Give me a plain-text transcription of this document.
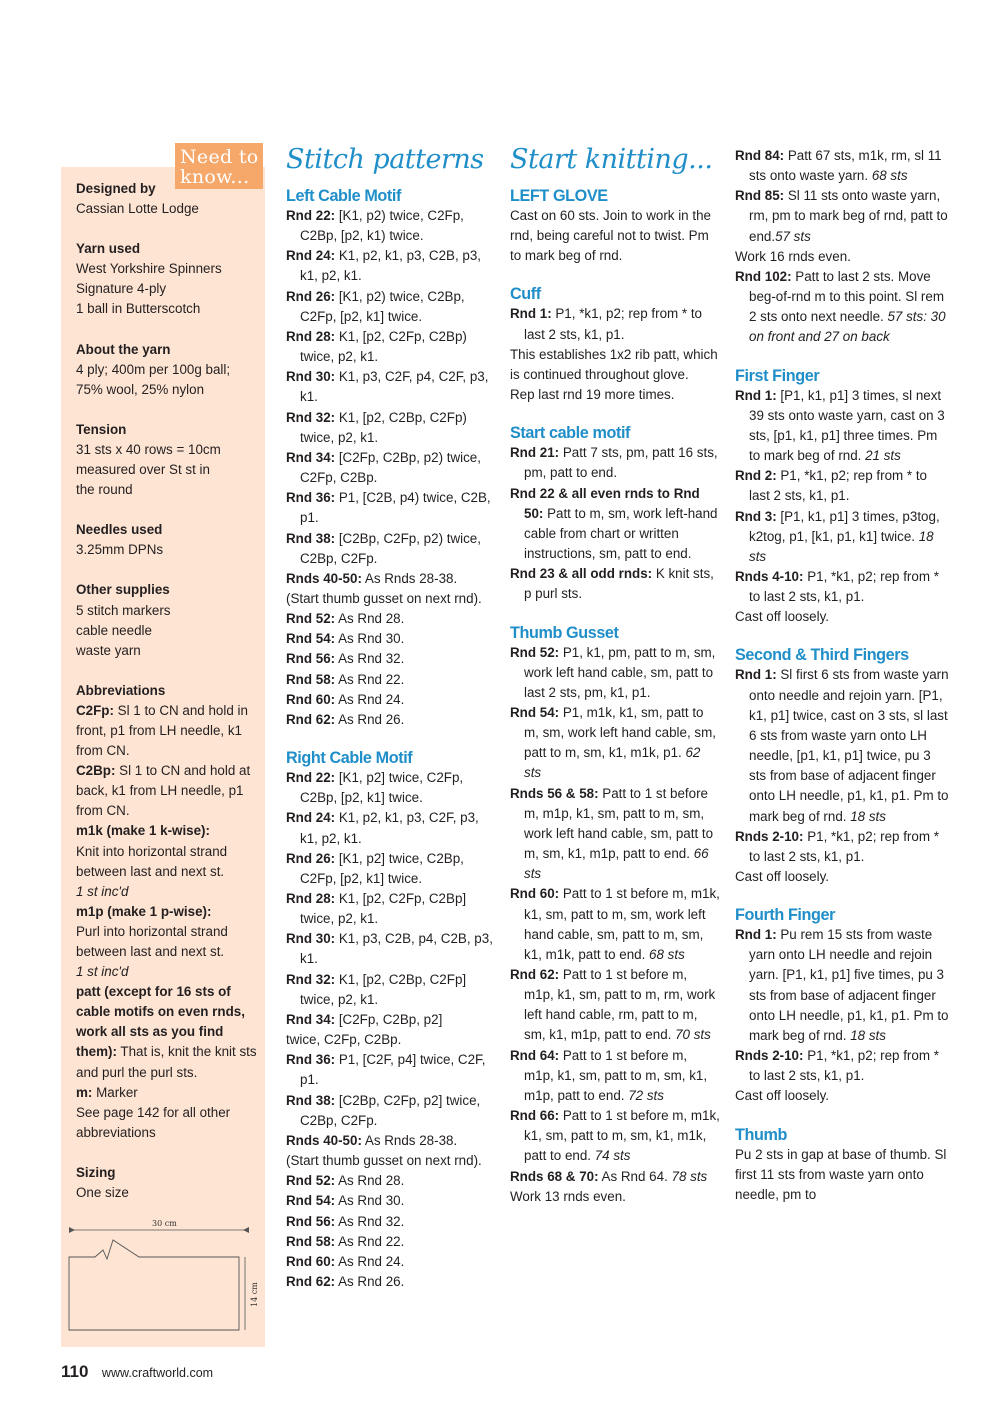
Designed by
Cassian Lotte Lodge
Yarn used
West Yorkshire Spinners
Signature 4-ply
1 ball in Butterscotch
About the yarn
4 ply; 400m per 100g ball;
75% wool, 25% nylon
Tension
31 sts x 40 rows = 10cm
measured over St st in
the round
Needles used
3.25mm DPNs
Other supplies
5 stitch markers
cable needle
waste yarn
Abbreviations
C2Fp: Sl 1 to CN and hold in front, p1 from LH needle, k1 from CN.
C2Bp: Sl 1 to CN and hold at back, k1 from LH needle, p1 from CN.
m1k (make 1 k-wise):
Knit into horizontal strand between last and next st.
1 st inc'd
m1p (make 1 p-wise):
Purl into horizontal strand between last and next st.
1 st inc'd
patt (except for 16 sts of cable motifs on even rnds, work all sts as you find them): That is, knit the knit sts and purl the purl sts.
m: Marker
See page 142 for all other abbreviations
Sizing
One size
Need to
know...
30 cm
14 cm
Stitch patterns
Left Cable Motif

Rnd 22: [K1, p2) twice, C2Fp, C2Bp, [p2, k1) twice.

Rnd 24: K1, p2, k1, p3, C2B, p3, k1, p2, k1.

Rnd 26: [K1, p2) twice, C2Bp, C2Fp, [p2, k1] twice.

Rnd 28: K1, [p2, C2Fp, C2Bp) twice, p2, k1.

Rnd 30: K1, p3, C2F, p4, C2F, p3, k1.

Rnd 32: K1, [p2, C2Bp, C2Fp) twice, p2, k1.

Rnd 34: [C2Fp, C2Bp, p2) twice, C2Fp, C2Bp.

Rnd 36: P1, [C2B, p4) twice, C2B, p1.

Rnd 38: [C2Bp, C2Fp, p2) twice, C2Bp, C2Fp.

Rnds 40-50: As Rnds 28-38.

(Start thumb gusset on next rnd).

Rnd 52: As Rnd 28.

Rnd 54: As Rnd 30.

Rnd 56: As Rnd 32.

Rnd 58: As Rnd 22.

Rnd 60: As Rnd 24.

Rnd 62: As Rnd 26.

Right Cable Motif

Rnd 22: [K1, p2] twice, C2Fp, C2Bp, [p2, k1] twice.

Rnd 24: K1, p2, k1, p3, C2F, p3, k1, p2, k1.

Rnd 26: [K1, p2] twice, C2Bp, C2Fp, [p2, k1] twice.

Rnd 28: K1, [p2, C2Fp, C2Bp] twice, p2, k1.

Rnd 30: K1, p3, C2B, p4, C2B, p3, k1.

Rnd 32: K1, [p2, C2Bp, C2Fp] twice, p2, k1.

Rnd 34: [C2Fp, C2Bp, p2]

twice, C2Fp, C2Bp.

Rnd 36: P1, [C2F, p4] twice, C2F, p1.

Rnd 38: [C2Bp, C2Fp, p2] twice, C2Bp, C2Fp.

Rnds 40-50: As Rnds 28-38.

(Start thumb gusset on next rnd).

Rnd 52: As Rnd 28.

Rnd 54: As Rnd 30.

Rnd 56: As Rnd 32.

Rnd 58: As Rnd 22.

Rnd 60: As Rnd 24.

Rnd 62: As Rnd 26.

Start knitting...
LEFT GLOVE

Cast on 60 sts. Join to work in the rnd, being careful not to twist. Pm to mark beg of rnd.

Cuff

Rnd 1: P1, *k1, p2; rep from * to last 2 sts, k1, p1.

This establishes 1x2 rib patt, which is continued throughout glove.

Rep last rnd 19 more times.

Start cable motif

Rnd 21: Patt 7 sts, pm, patt 16 sts, pm, patt to end.

Rnd 22 & all even rnds to Rnd 50: Patt to m, sm, work left-hand cable from chart or written instructions, sm, patt to end.

Rnd 23 & all odd rnds: K knit sts, p purl sts.

Thumb Gusset

Rnd 52: P1, k1, pm, patt to m, sm, work left hand cable, sm, patt to last 2 sts, pm, k1, p1.

Rnd 54: P1, m1k, k1, sm, patt to m, sm, work left hand cable, sm, patt to m, sm, k1, m1k, p1. 62 sts

Rnds 56 & 58: Patt to 1 st before m, m1p, k1, sm, patt to m, sm, work left hand cable, sm, patt to m, sm, k1, m1p, patt to end. 66 sts

Rnd 60: Patt to 1 st before m, m1k, k1, sm, patt to m, sm, work left hand cable, sm, patt to m, sm, k1, m1k, patt to end. 68 sts

Rnd 62: Patt to 1 st before m, m1p, k1, sm, patt to m, rm, work left hand cable, rm, patt to m, sm, k1, m1p, patt to end. 70 sts

Rnd 64: Patt to 1 st before m, m1p, k1, sm, patt to m, sm, k1, m1p, patt to end. 72 sts

Rnd 66: Patt to 1 st before m, m1k, k1, sm, patt to m, sm, k1, m1k, patt to end. 74 sts

Rnds 68 & 70: As Rnd 64. 78 sts

Work 13 rnds even.

Rnd 84: Patt 67 sts, m1k, rm, sl 11 sts onto waste yarn. 68 sts

Rnd 85: Sl 11 sts onto waste yarn, rm, pm to mark beg of rnd, patt to end.57 sts

Work 16 rnds even.

Rnd 102: Patt to last 2 sts. Move beg-of-rnd m to this point. Sl rem 2 sts onto next needle. 57 sts: 30 on front and 27 on back

First Finger

Rnd 1: [P1, k1, p1] 3 times, sl next 39 sts onto waste yarn, cast on 3 sts, [p1, k1, p1] three times. Pm to mark beg of rnd. 21 sts

Rnd 2: P1, *k1, p2; rep from * to last 2 sts, k1, p1.

Rnd 3: [P1, k1, p1] 3 times, p3tog, k2tog, p1, [k1, p1, k1] twice. 18 sts

Rnds 4-10: P1, *k1, p2; rep from * to last 2 sts, k1, p1.

Cast off loosely.

Second & Third Fingers

Rnd 1: Sl first 6 sts from waste yarn onto needle and rejoin yarn. [P1, k1, p1] twice, cast on 3 sts, sl last 6 sts from waste yarn onto LH needle, [p1, k1, p1] twice, pu 3 sts from base of adjacent finger onto LH needle, p1, k1, p1. Pm to mark beg of rnd. 18 sts

Rnds 2-10: P1, *k1, p2; rep from * to last 2 sts, k1, p1.

Cast off loosely.

Fourth Finger

Rnd 1: Pu rem 15 sts from waste yarn onto LH needle and rejoin yarn. [P1, k1, p1] five times, pu 3 sts from base of adjacent finger onto LH needle, p1, k1, p1. Pm to mark beg of rnd. 18 sts

Rnds 2-10: P1, *k1, p2; rep from * to last 2 sts, k1, p1.

Cast off loosely.

Thumb

Pu 2 sts in gap at base of thumb. Sl first 11 sts from waste yarn onto needle, pm to

110 www.craftworld.com
